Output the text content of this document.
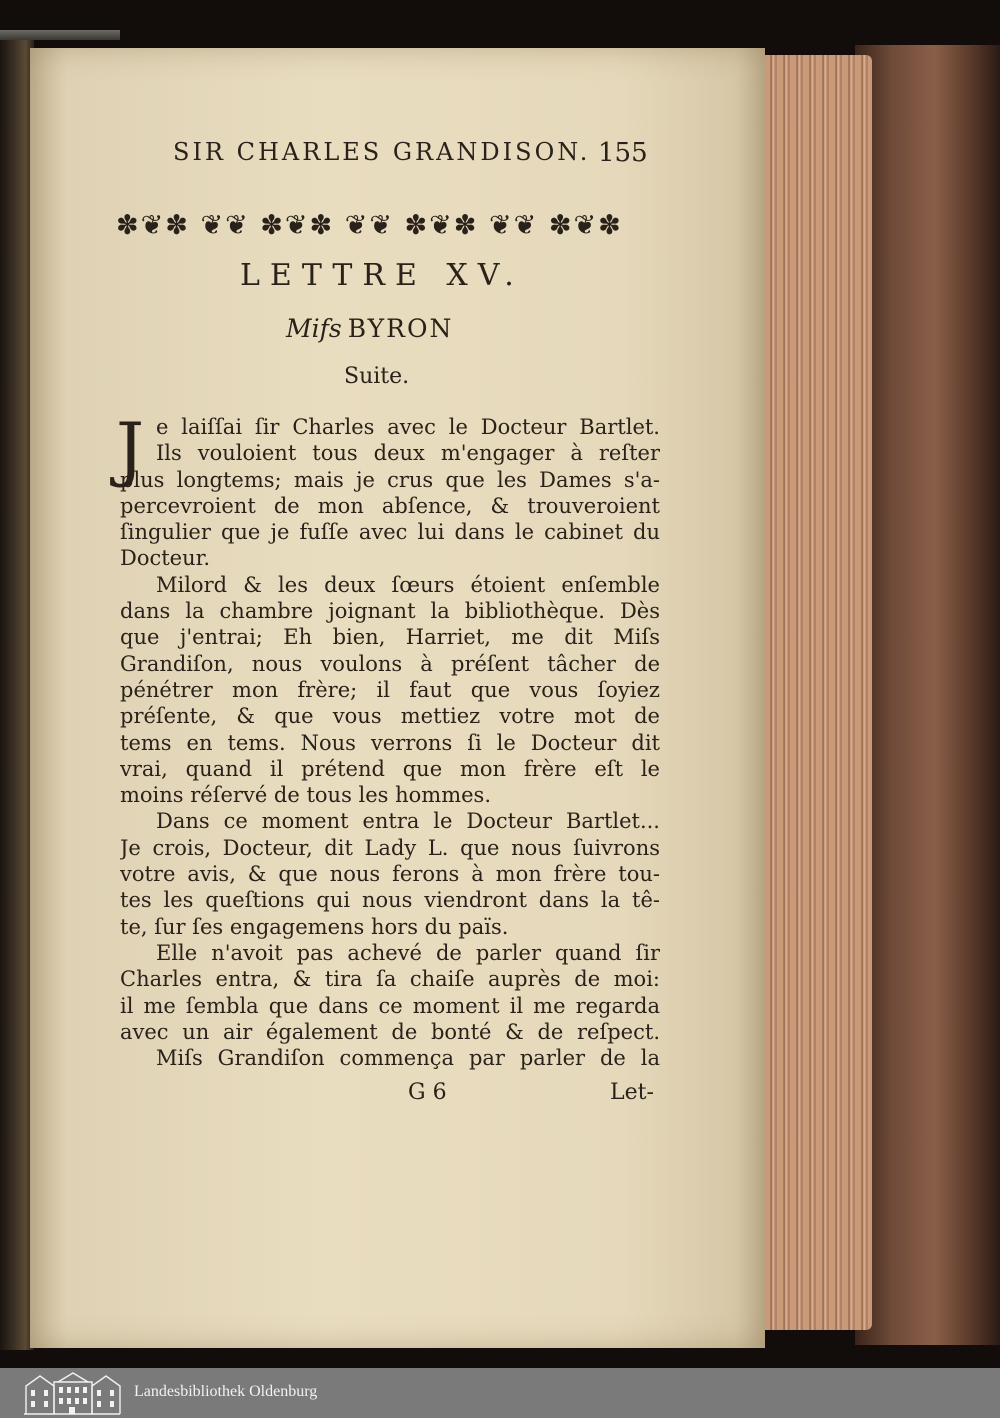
SIR CHARLES GRANDISON. 155
✽❦✽ ❦❦ ✽❦✽ ❦❦ ✽❦✽ ❦❦ ✽❦✽
LETTRE XV.
Mifs BYRON
Suite.
J e laiſſai ſir Charles avec le Docteur Bartlet.
Ils vouloient tous deux m'engager à reſter
plus longtems; mais je crus que les Dames s'a-
percevroient de mon abſence, & trouveroient
ſingulier que je fuſſe avec lui dans le cabinet du
Docteur.
Milord & les deux ſœurs étoient enſemble
dans la chambre joignant la bibliothèque. Dès
que j'entrai; Eh bien, Harriet, me dit Miſs
Grandiſon, nous voulons à préſent tâcher de
pénétrer mon frère; il faut que vous ſoyiez
préſente, & que vous mettiez votre mot de
tems en tems. Nous verrons ſi le Docteur dit
vrai, quand il prétend que mon frère eſt le
moins réſervé de tous les hommes.
Dans ce moment entra le Docteur Bartlet...
Je crois, Docteur, dit Lady L. que nous ſuivrons
votre avis, & que nous ferons à mon frère tou-
tes les queſtions qui nous viendront dans la tê-
te, ſur ſes engagemens hors du païs.
Elle n'avoit pas achevé de parler quand ſir
Charles entra, & tira ſa chaiſe auprès de moi:
il me ſembla que dans ce moment il me regarda
avec un air également de bonté & de reſpect.
Miſs Grandiſon commença par parler de la
G 6	Let-
Landesbibliothek Oldenburg
